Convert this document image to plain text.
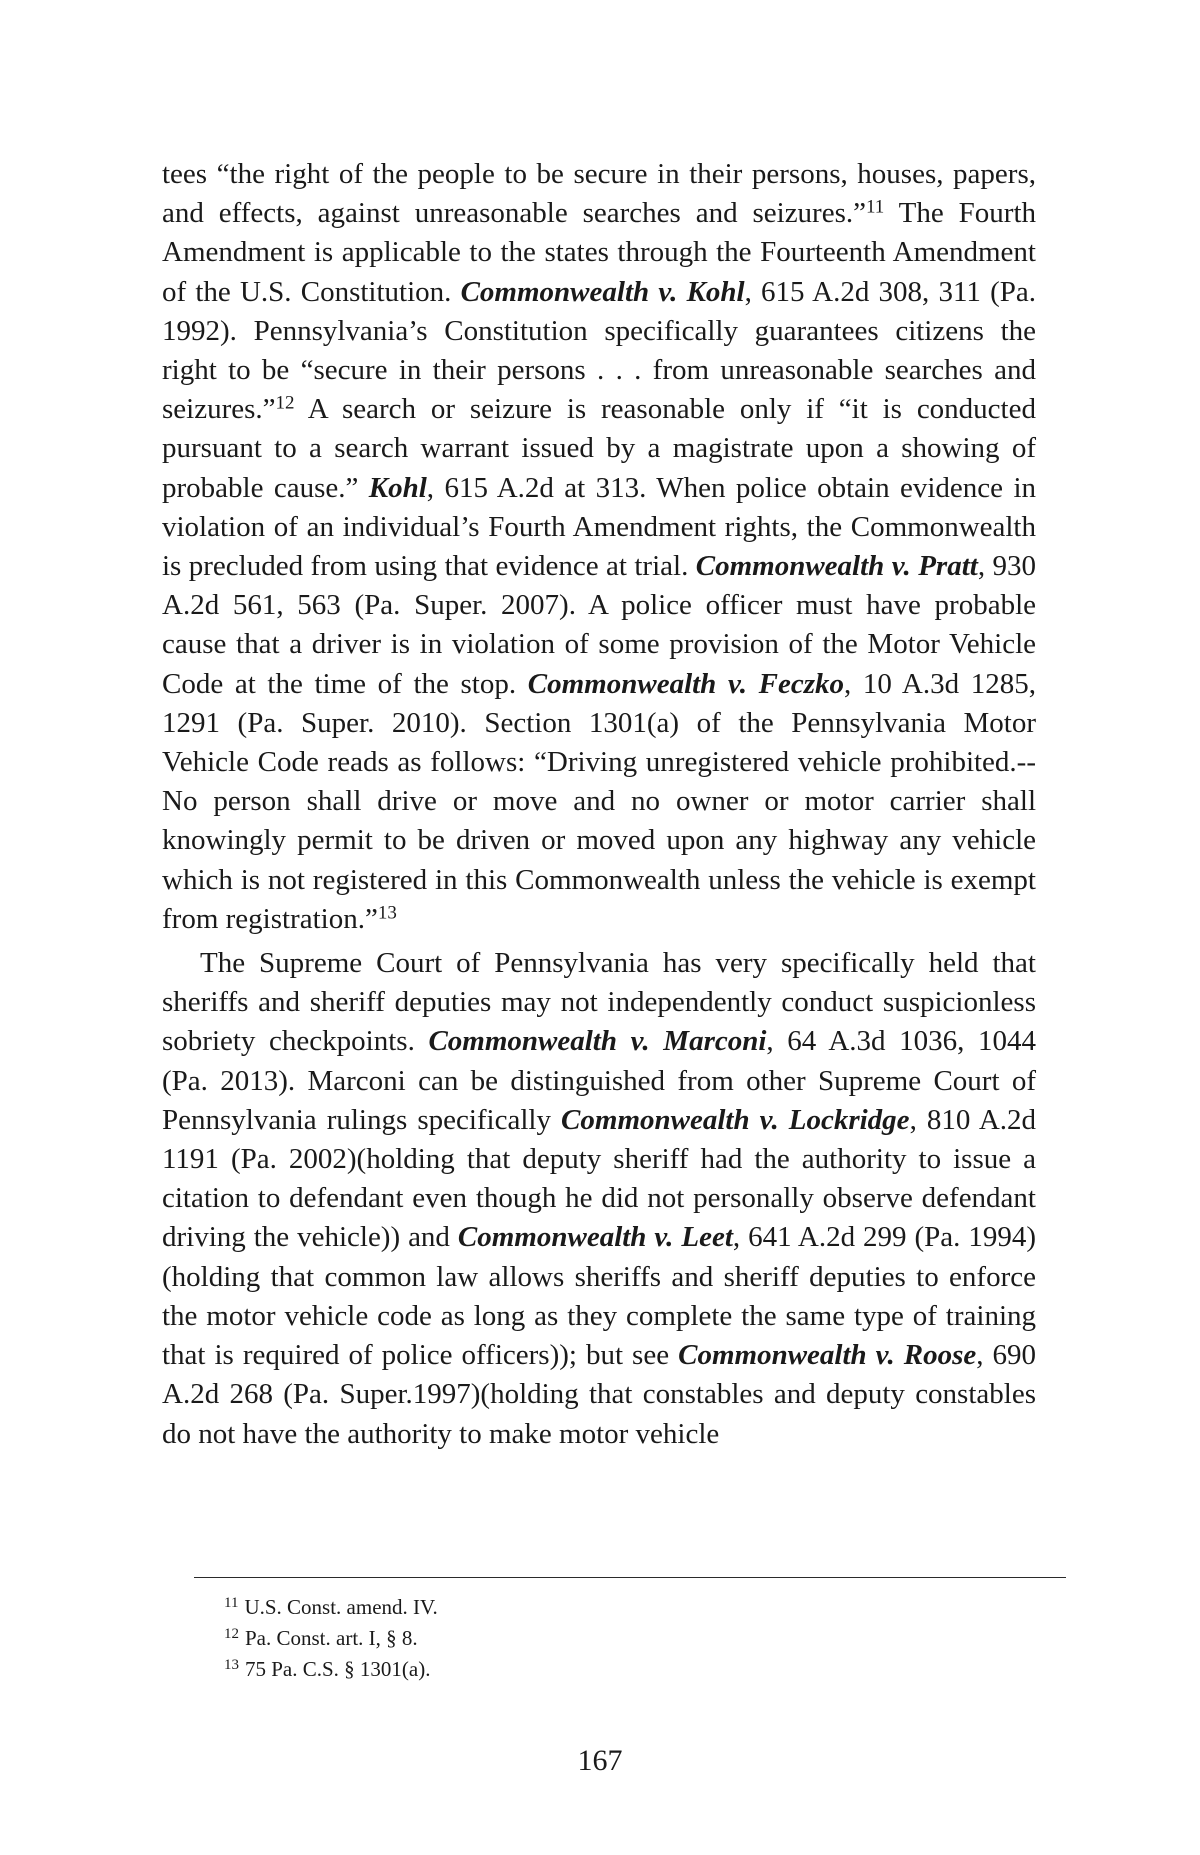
tees “the right of the people to be secure in their persons, houses, papers, and effects, against unreasonable searches and seizures.”$^{11}$ The Fourth Amendment is applicable to the states through the Fourteenth Amendment of the U.S. Constitution. Commonwealth v. Kohl, 615 A.2d 308, 311 (Pa. 1992). Pennsylvania’s Constitution specifically guarantees citizens the right to be “secure in their persons . . . from unreasonable searches and seizures.”$^{12}$ A search or seizure is reasonable only if “it is conducted pursuant to a search warrant issued by a magistrate upon a showing of probable cause.” Kohl, 615 A.2d at 313. When police obtain evidence in violation of an individual’s Fourth Amendment rights, the Commonwealth is precluded from using that evidence at trial. Commonwealth v. Pratt, 930 A.2d 561, 563 (Pa. Super. 2007). A police officer must have probable cause that a driver is in violation of some provision of the Motor Vehicle Code at the time of the stop. Commonwealth v. Feczko, 10 A.3d 1285, 1291 (Pa. Super. 2010). Section 1301(a) of the Pennsylvania Motor Vehicle Code reads as follows: “Driving unregistered vehicle prohibited.--No person shall drive or move and no owner or motor carrier shall knowingly permit to be driven or moved upon any highway any vehicle which is not registered in this Commonwealth unless the vehicle is exempt from registration.”$^{13}$

The Supreme Court of Pennsylvania has very specifically held that sheriffs and sheriff deputies may not independently conduct suspicionless sobriety checkpoints. Commonwealth v. Marconi, 64 A.3d 1036, 1044 (Pa. 2013). Marconi can be distinguished from other Supreme Court of Pennsylvania rulings specifically Commonwealth v. Lockridge, 810 A.2d 1191 (Pa. 2002)(holding that deputy sheriff had the authority to issue a citation to defendant even though he did not personally observe defendant driving the vehicle)) and Commonwealth v. Leet, 641 A.2d 299 (Pa. 1994)(holding that common law allows sheriffs and sheriff deputies to enforce the motor vehicle code as long as they complete the same type of training that is required of police officers)); but see Commonwealth v. Roose, 690 A.2d 268 (Pa. Super.1997)(holding that constables and deputy constables do not have the authority to make motor vehicle

$^{11}$ U.S. Const. amend. IV.

$^{12}$ Pa. Const. art. I, § 8.

$^{13}$ 75 Pa. C.S. § 1301(a).

167
